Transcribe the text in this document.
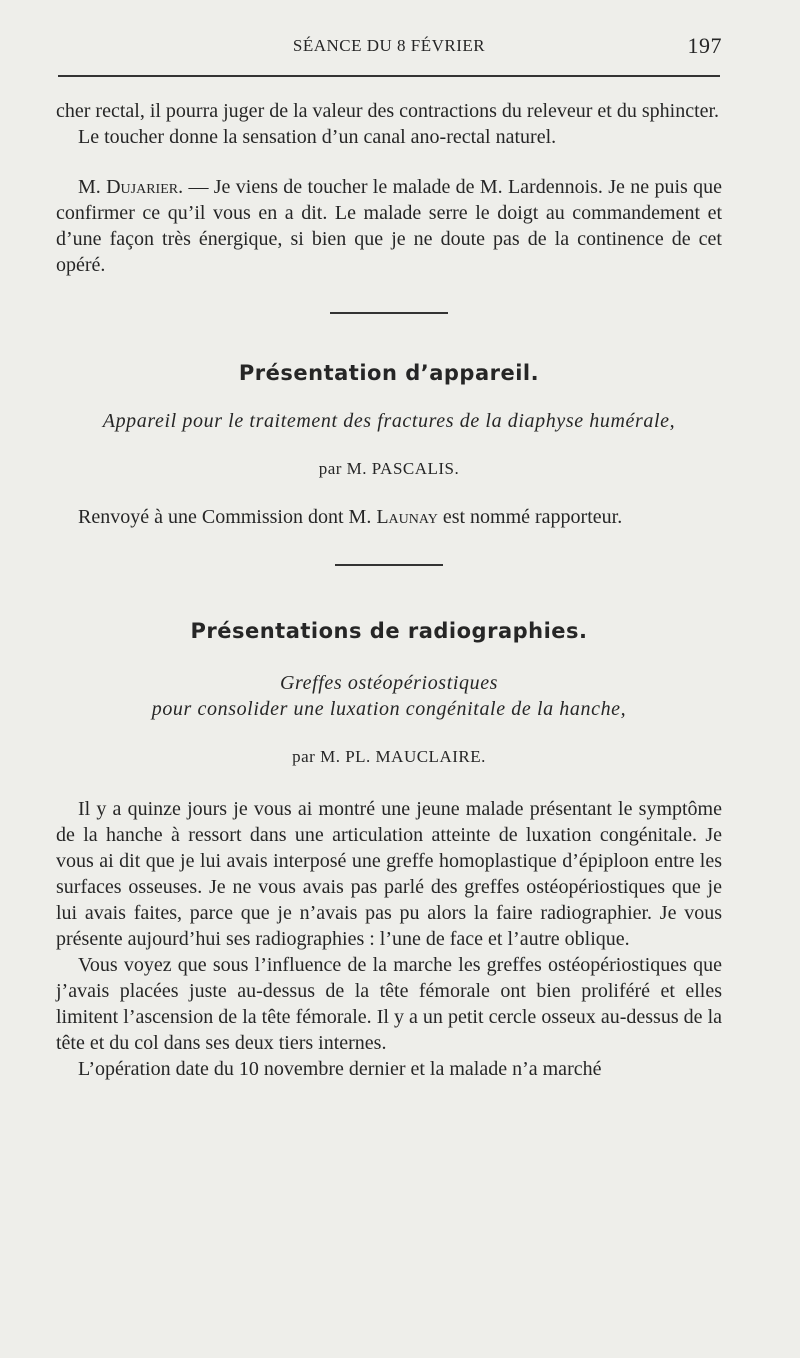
SÉANCE DU 8 FÉVRIER	197

cher rectal, il pourra juger de la valeur des contractions du releveur et du sphincter.

Le toucher donne la sensation d’un canal ano-rectal naturel.

M. Dujarier. — Je viens de toucher le malade de M. Lardennois. Je ne puis que confirmer ce qu’il vous en a dit. Le malade serre le doigt au commandement et d’une façon très énergique, si bien que je ne doute pas de la continence de cet opéré.

Présentation d’appareil.
Appareil pour le traitement des fractures de la diaphyse humérale,
par M. PASCALIS.

Renvoyé à une Commission dont M. Launay est nommé rapporteur.

Présentations de radiographies.
Greffes ostéopériostiques
pour consolider une luxation congénitale de la hanche,
par M. PL. MAUCLAIRE.

Il y a quinze jours je vous ai montré une jeune malade présentant le symptôme de la hanche à ressort dans une articulation atteinte de luxation congénitale. Je vous ai dit que je lui avais interposé une greffe homoplastique d’épiploon entre les surfaces osseuses. Je ne vous avais pas parlé des greffes ostéopériostiques que je lui avais faites, parce que je n’avais pas pu alors la faire radiographier. Je vous présente aujourd’hui ses radiographies : l’une de face et l’autre oblique.

Vous voyez que sous l’influence de la marche les greffes ostéopériostiques que j’avais placées juste au-dessus de la tête fémorale ont bien proliféré et elles limitent l’ascension de la tête fémorale. Il y a un petit cercle osseux au-dessus de la tête et du col dans ses deux tiers internes.

L’opération date du 10 novembre dernier et la malade n’a marché
